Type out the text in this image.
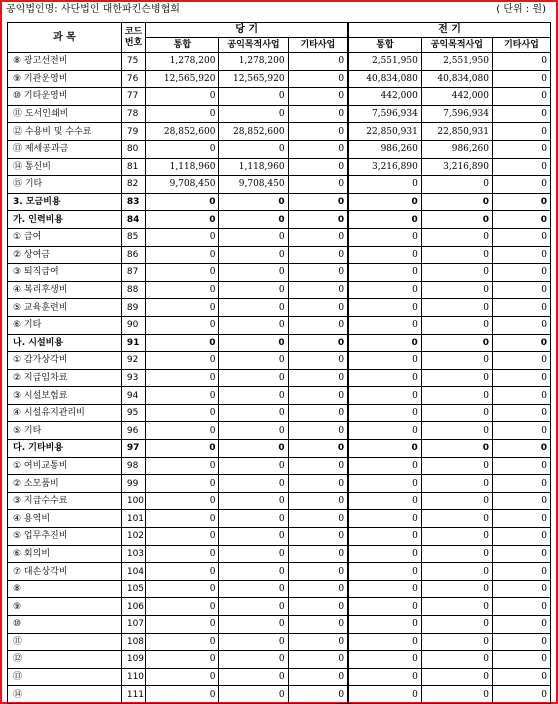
공익법인명: 사단법인 대한파킨슨병협회	( 단위 : 원)
과 목	코드
번호	당 기			전 기		
		통합	공익목적사업	기타사업	통합	공익목적사업	기타사업
⑧ 광고선전비	75	1,278,200	1,278,200	0	2,551,950	2,551,950	0
⑨ 기관운영비	76	12,565,920	12,565,920	0	40,834,080	40,834,080	0
⑩ 기타운영비	77	0	0	0	442,000	442,000	0
⑪ 도서인쇄비	78	0	0	0	7,596,934	7,596,934	0
⑫ 수용비 및 수수료	79	28,852,600	28,852,600	0	22,850,931	22,850,931	0
⑬ 제세공과금	80	0	0	0	986,260	986,260	0
⑭ 통신비	81	1,118,960	1,118,960	0	3,216,890	3,216,890	0
⑮ 기타	82	9,708,450	9,708,450	0	0	0	0
3. 모금비용	83	0	0	0	0	0	0
가. 인력비용	84	0	0	0	0	0	0
① 급여	85	0	0	0	0	0	0
② 상여금	86	0	0	0	0	0	0
③ 퇴직급여	87	0	0	0	0	0	0
④ 복리후생비	88	0	0	0	0	0	0
⑤ 교육훈련비	89	0	0	0	0	0	0
⑥ 기타	90	0	0	0	0	0	0
나. 시설비용	91	0	0	0	0	0	0
① 감가상각비	92	0	0	0	0	0	0
② 지급임차료	93	0	0	0	0	0	0
③ 시설보험료	94	0	0	0	0	0	0
④ 시설유지관리비	95	0	0	0	0	0	0
⑤ 기타	96	0	0	0	0	0	0
다. 기타비용	97	0	0	0	0	0	0
① 여비교통비	98	0	0	0	0	0	0
② 소모품비	99	0	0	0	0	0	0
③ 지급수수료	100	0	0	0	0	0	0
④ 용역비	101	0	0	0	0	0	0
⑤ 업무추진비	102	0	0	0	0	0	0
⑥ 회의비	103	0	0	0	0	0	0
⑦ 대손상각비	104	0	0	0	0	0	0
⑧	105	0	0	0	0	0	0
⑨	106	0	0	0	0	0	0
⑩	107	0	0	0	0	0	0
⑪	108	0	0	0	0	0	0
⑫	109	0	0	0	0	0	0
⑬	110	0	0	0	0	0	0
⑭	111	0	0	0	0	0	0
